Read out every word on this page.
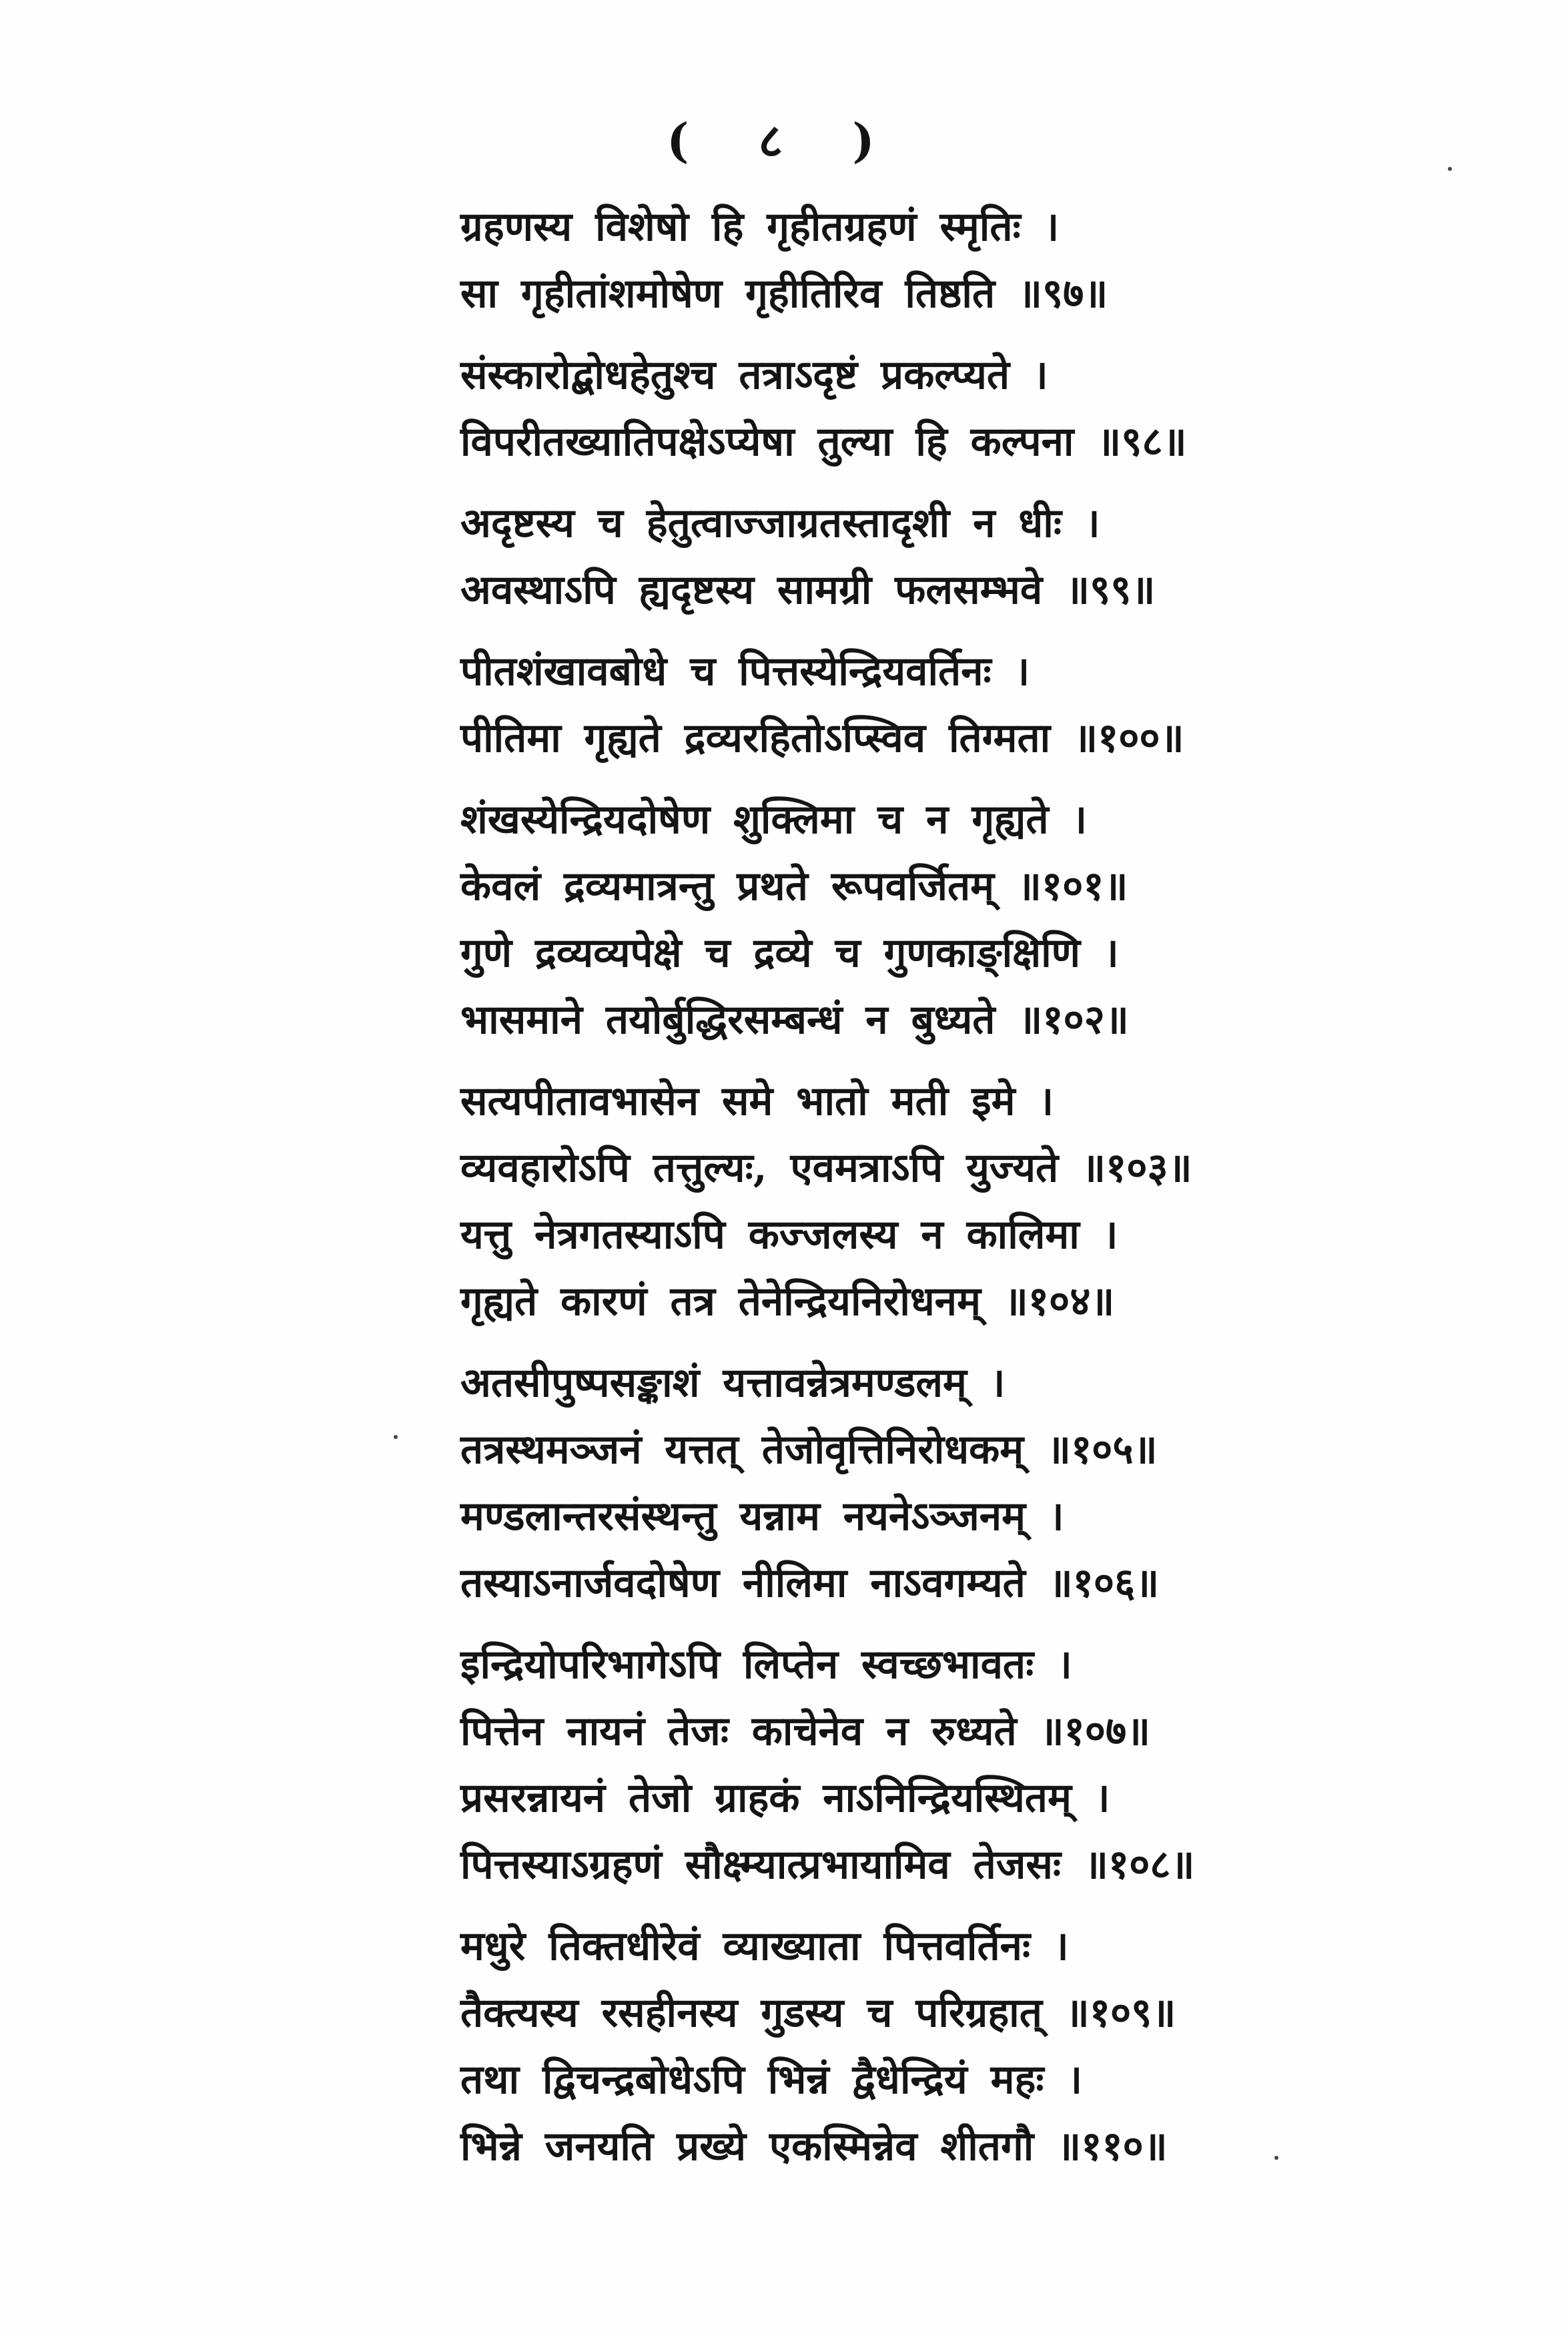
( ८ )
ग्रहणस्य विशेषो हि गृहीतग्रहणं स्मृतिः ।
सा गृहीतांशमोषेण गृहीतिरिव तिष्ठति ॥९७॥
संस्कारोद्बोधहेतुश्च तत्राऽदृष्टं प्रकल्प्यते ।
विपरीतख्यातिपक्षेऽप्येषा तुल्या हि कल्पना ॥९८॥
अदृष्टस्य च हेतुत्वाज्जाग्रतस्तादृशी न धीः ।
अवस्थाऽपि ह्यदृष्टस्य सामग्री फलसम्भवे ॥९९॥
पीतशंखावबोधे च पित्तस्येन्द्रियवर्तिनः ।
पीतिमा गृह्यते द्रव्यरहितोऽप्स्विव तिग्मता ॥१००॥
शंखस्येन्द्रियदोषेण शुक्लिमा च न गृह्यते ।
केवलं द्रव्यमात्रन्तु प्रथते रूपवर्जितम् ॥१०१॥
गुणे द्रव्यव्यपेक्षे च द्रव्ये च गुणकाङ्क्षिणि ।
भासमाने तयोर्बुद्धिरसम्बन्धं न बुध्यते ॥१०२॥
सत्यपीतावभासेन समे भातो मती इमे ।
व्यवहारोऽपि तत्तुल्यः, एवमत्राऽपि युज्यते ॥१०३॥
यत्तु नेत्रगतस्याऽपि कज्जलस्य न कालिमा ।
गृह्यते कारणं तत्र तेनेन्द्रियनिरोधनम् ॥१०४॥
अतसीपुष्पसङ्काशं यत्तावन्नेत्रमण्डलम् ।
तत्रस्थमञ्जनं यत्तत् तेजोवृत्तिनिरोधकम् ॥१०५॥
मण्डलान्तरसंस्थन्तु यन्नाम नयनेऽञ्जनम् ।
तस्याऽनार्जवदोषेण नीलिमा नाऽवगम्यते ॥१०६॥
इन्द्रियोपरिभागेऽपि लिप्तेन स्वच्छभावतः ।
पित्तेन नायनं तेजः काचेनेव न रुध्यते ॥१०७॥
प्रसरन्नायनं तेजो ग्राहकं नाऽनिन्द्रियस्थितम् ।
पित्तस्याऽग्रहणं सौक्ष्म्यात्प्रभायामिव तेजसः ॥१०८॥
मधुरे तिक्तधीरेवं व्याख्याता पित्तवर्तिनः ।
तैक्त्यस्य रसहीनस्य गुडस्य च परिग्रहात् ॥१०९॥
तथा द्विचन्द्रबोधेऽपि भिन्नं द्वैधेन्द्रियं महः ।
भिन्ने जनयति प्रख्ये एकस्मिन्नेव शीतगौ ॥११०॥
